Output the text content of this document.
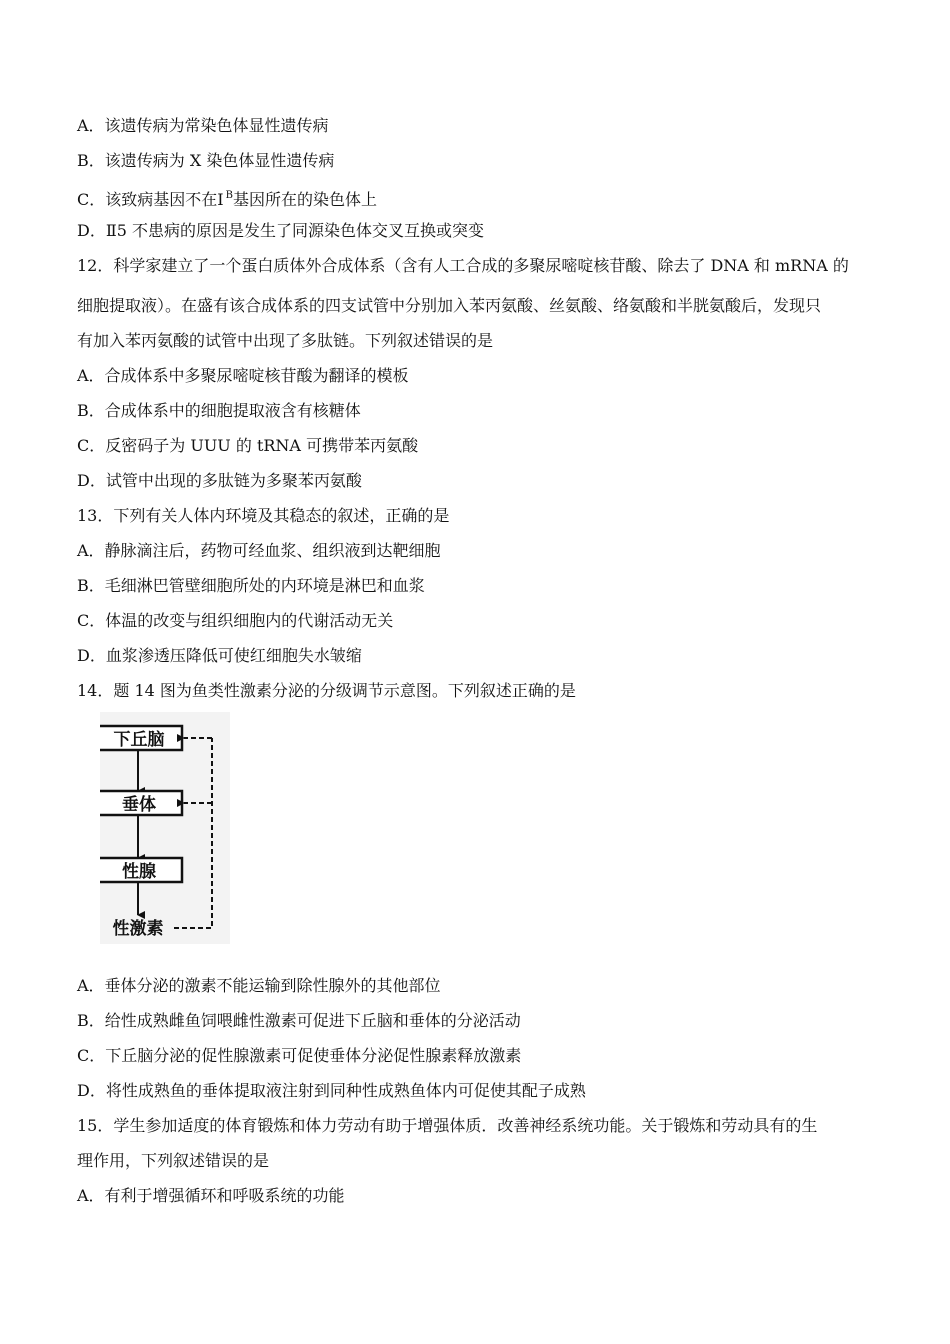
A．该遗传病为常染色体显性遗传病
B．该遗传病为 X 染色体显性遗传病
C．该致病基因不在Ⅰ $^B$基因所在的染色体上
D．Ⅱ5 不患病的原因是发生了同源染色体交叉互换或突变
12．科学家建立了一个蛋白质体外合成体系（含有人工合成的多聚尿嘧啶核苷酸、除去了 DNA 和 mRNA 的
细胞提取液）。在盛有该合成体系的四支试管中分别加入苯丙氨酸、丝氨酸、络氨酸和半胱氨酸后，发现只
有加入苯丙氨酸的试管中出现了多肽链。下列叙述错误的是
A．合成体系中多聚尿嘧啶核苷酸为翻译的模板
B．合成体系中的细胞提取液含有核糖体
C．反密码子为 UUU 的 tRNA 可携带苯丙氨酸
D．试管中出现的多肽链为多聚苯丙氨酸
13．下列有关人体内环境及其稳态的叙述，正确的是
A．静脉滴注后，药物可经血浆、组织液到达靶细胞
B．毛细淋巴管壁细胞所处的内环境是淋巴和血浆
C．体温的改变与组织细胞内的代谢活动无关
D．血浆渗透压降低可使红细胞失水皱缩
14．题 14 图为鱼类性激素分泌的分级调节示意图。下列叙述正确的是
下丘脑
垂体
性腺
性激素
A．垂体分泌的激素不能运输到除性腺外的其他部位
B．给性成熟雌鱼饲喂雌性激素可促进下丘脑和垂体的分泌活动
C．下丘脑分泌的促性腺激素可促使垂体分泌促性腺素释放激素
D．将性成熟鱼的垂体提取液注射到同种性成熟鱼体内可促使其配子成熟
15．学生参加适度的体育锻炼和体力劳动有助于增强体质．改善神经系统功能。关于锻炼和劳动具有的生
理作用，下列叙述错误的是
A．有利于增强循环和呼吸系统的功能
